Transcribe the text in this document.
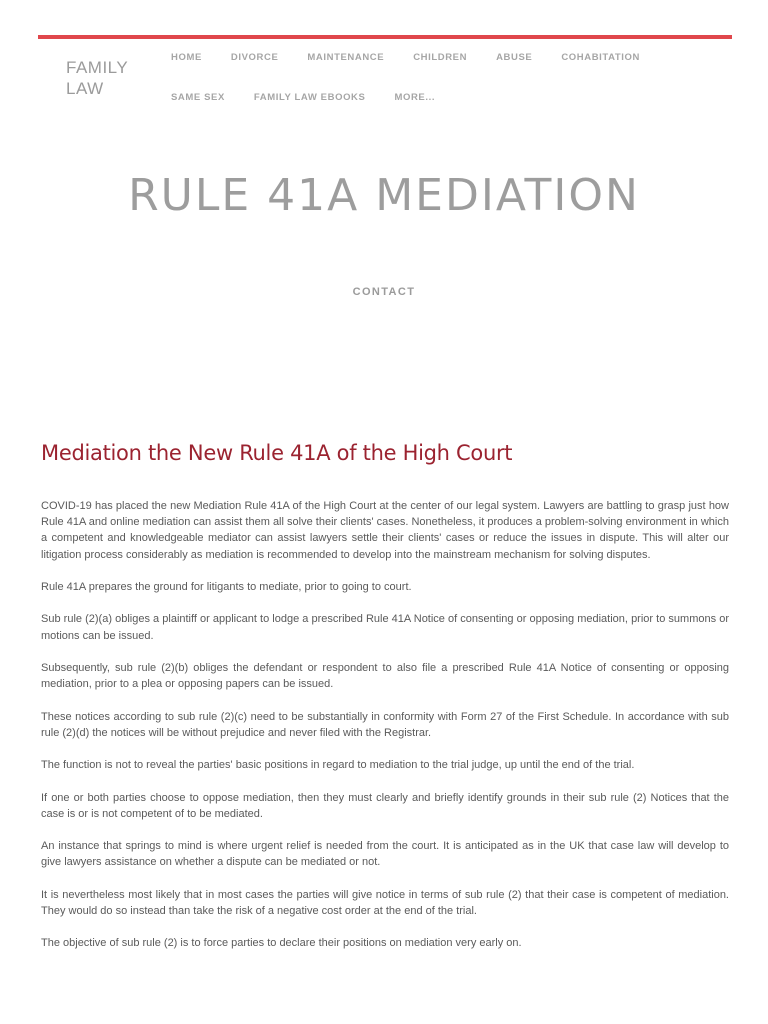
FAMILY
LAW
HOME	DIVORCE	MAINTENANCE	CHILDREN	ABUSE	COHABITATION
SAME SEX	FAMILY LAW EBOOKS	MORE...
RULE 41A MEDIATION
CONTACT
Mediation the New Rule 41A of the High Court

COVID-19 has placed the new Mediation Rule 41A of the High Court at the center of our legal system. Lawyers are battling to grasp just how Rule 41A and online mediation can assist them all solve their clients' cases. Nonetheless, it produces a problem-solving environment in which a competent and knowledgeable mediator can assist lawyers settle their clients' cases or reduce the issues in dispute. This will alter our litigation process considerably as mediation is recommended to develop into the mainstream mechanism for solving disputes.

Rule 41A prepares the ground for litigants to mediate, prior to going to court.

Sub rule (2)(a) obliges a plaintiff or applicant to lodge a prescribed Rule 41A Notice of consenting or opposing mediation, prior to summons or motions can be issued.

Subsequently, sub rule (2)(b) obliges the defendant or respondent to also file a prescribed Rule 41A Notice of consenting or opposing mediation, prior to a plea or opposing papers can be issued.

These notices according to sub rule (2)(c) need to be substantially in conformity with Form 27 of the First Schedule. In accordance with sub rule (2)(d) the notices will be without prejudice and never filed with the Registrar.

The function is not to reveal the parties' basic positions in regard to mediation to the trial judge, up until the end of the trial.

If one or both parties choose to oppose mediation, then they must clearly and briefly identify grounds in their sub rule (2) Notices that the case is or is not competent of to be mediated.

An instance that springs to mind is where urgent relief is needed from the court. It is anticipated as in the UK that case law will develop to give lawyers assistance on whether a dispute can be mediated or not.

It is nevertheless most likely that in most cases the parties will give notice in terms of sub rule (2) that their case is competent of mediation. They would do so instead than take the risk of a negative cost order at the end of the trial.

The objective of sub rule (2) is to force parties to declare their positions on mediation very early on.
